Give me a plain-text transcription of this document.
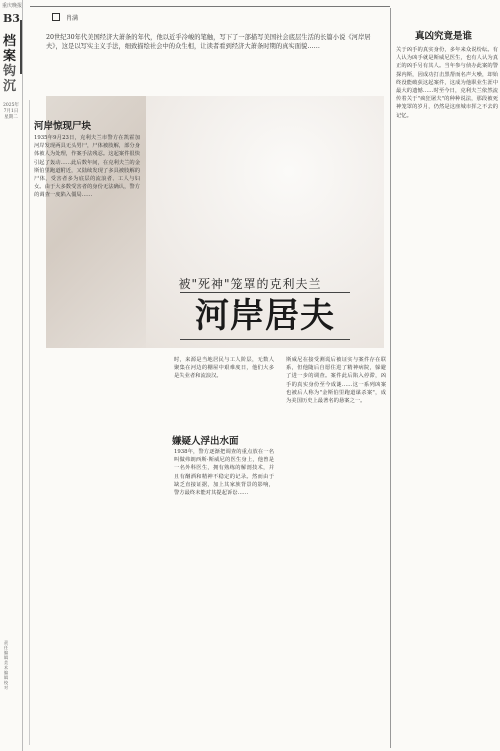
重庆晚报
B3
档案
钩沉
2025年7月1日 星期二
责任编辑 美术编辑 校对
肖满
20世纪30年代美国经济大萧条的年代，他以近乎冷峻的笔触，写下了一部描写美国社会底层生活的长篇小说《河岸居夫》，这是以写实主义手法，细致描绘社会中的众生相，让读者看到经济大萧条时期的真实面貌……
被"死神"笼罩的克利夫兰
河岸居夫
河岸惊现尸块
1935年9月23日，克利夫兰市警方在凯霍加河岸发现两具无头男尸，尸体被肢解，部分身体被人为处理，作案手法残忍。这起案件很快引起了轰动……此后数年间，在克利夫兰的金斯伯里跑道附近，又陆续发现了多具被肢解的尸体，受害者多为底层的流浪者、工人与妇女。由于大多数受害者的身份无法确认，警方的调查一度陷入僵局……
时，来源是当地居民与工人阶层，无数人聚集在河边的棚屋中艰难度日，他们大多是失业者和流浪汉。
嫌疑人浮出水面
1938年，警方逐渐把调查的重点放在一名叫做弗朗西斯·斯威尼的医生身上，他曾是一名外科医生，拥有熟练的解剖技术，并且有酗酒和精神不稳定的记录。然而由于缺乏直接证据，加上其家族背景的影响，警方最终未能对其提起诉讼……
斯威尼在接受测谎后被证实与案件存在联系，但他随后自愿住进了精神病院，躲避了进一步的调查。案件此后陷入停滞，凶手的真实身份至今成谜……这一系列凶案也被后人称为"金斯伯里跑道谋杀案"，成为美国历史上最著名的悬案之一。
真凶究竟是谁
关于凶手的真实身份，多年来众说纷纭。有人认为凶手就是斯威尼医生，也有人认为真正的凶手另有其人。当年参与侦办此案的警探内斯，因成功打击黑帮而名声大噪，却始终没能破获这起案件，这成为他职业生涯中最大的遗憾……时至今日，克利夫兰依然流传着关于"疯狂屠夫"的种种说法，那段被死神笼罩的岁月，仍然是这座城市挥之不去的记忆。
